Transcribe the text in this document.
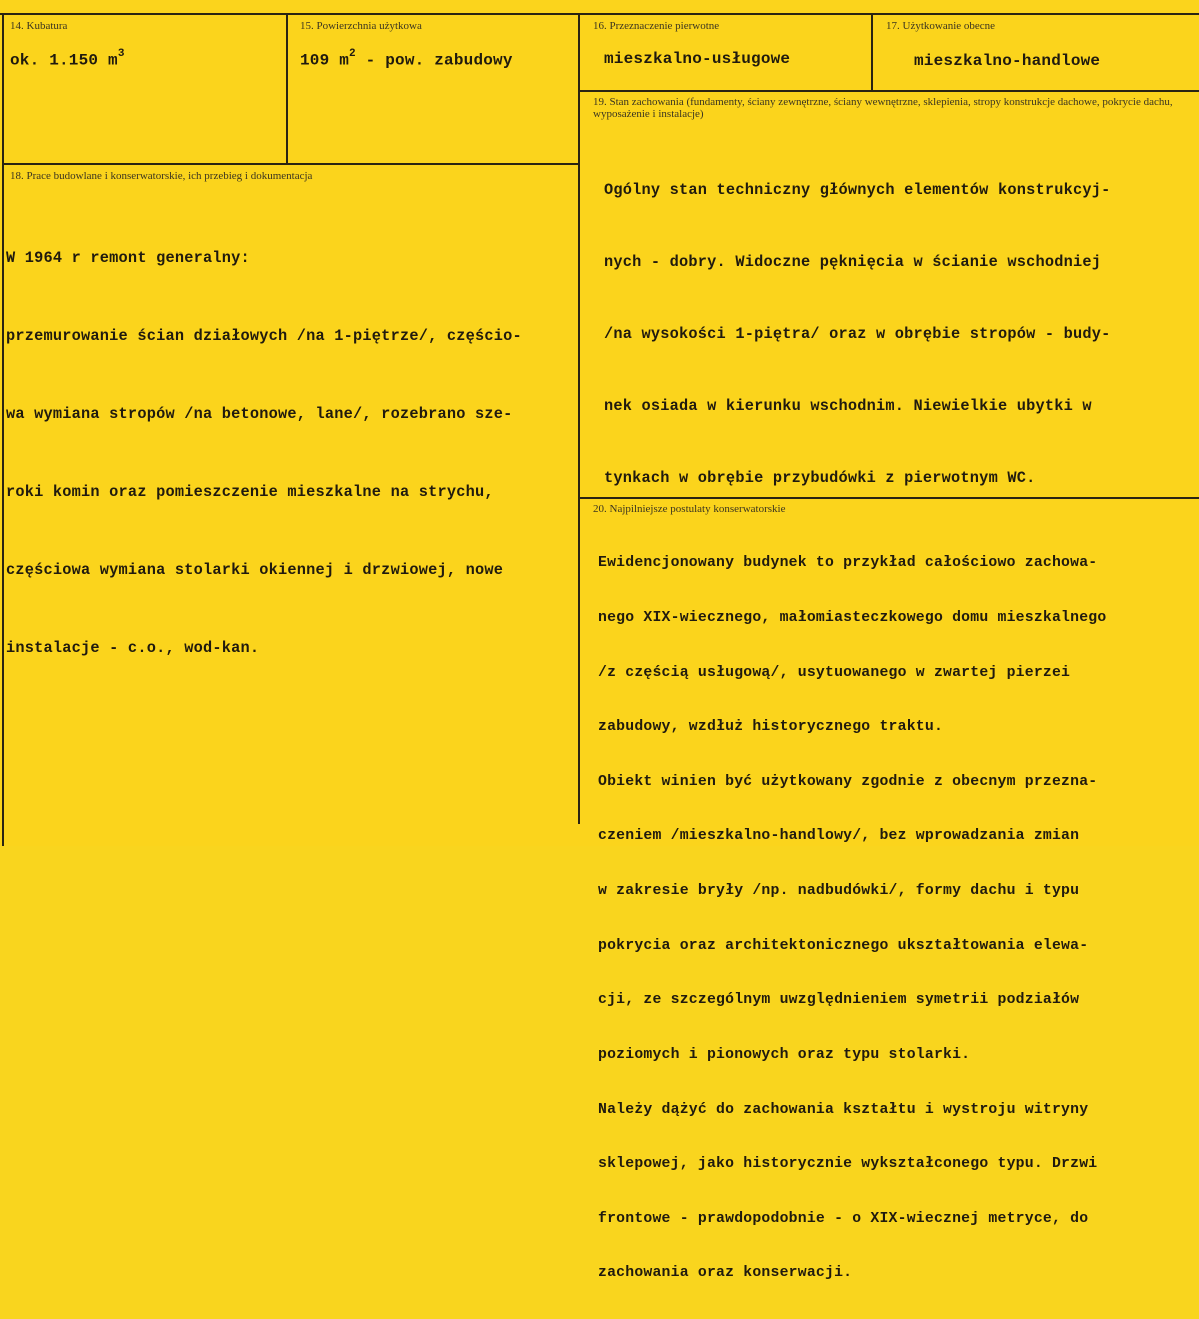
14. Kubatura
ok. 1.150 $m^3$
15. Powierzchnia użytkowa
109 $m^2$ - pow. zabudowy
16. Przeznaczenie pierwotne
mieszkalno-usługowe
17. Użytkowanie obecne
mieszkalno-handlowe
19. Stan zachowania (fundamenty, ściany zewnętrzne, ściany wewnętrzne, sklepienia, stropy konstrukcje dachowe, pokrycie dachu, wyposażenie i instalacje)

Ogólny stan techniczny głównych elementów konstrukcyj-

nych - dobry. Widoczne pęknięcia w ścianie wschodniej

/na wysokości 1-piętra/ oraz w obrębie stropów - budy-

nek osiada w kierunku wschodnim. Niewielkie ubytki w

tynkach w obrębie przybudówki z pierwotnym WC.

18. Prace budowlane i konserwatorskie, ich przebieg i dokumentacja

W 1964 r remont generalny:

przemurowanie ścian działowych /na 1-piętrze/, częścio-

wa wymiana stropów /na betonowe, lane/, rozebrano sze-

roki komin oraz pomieszczenie mieszkalne na strychu,

częściowa wymiana stolarki okiennej i drzwiowej, nowe

instalacje - c.o., wod-kan.

20. Najpilniejsze postulaty konserwatorskie

Ewidencjonowany budynek to przykład całościowo zachowa-

nego XIX-wiecznego, małomiasteczkowego domu mieszkalnego

/z częścią usługową/, usytuowanego w zwartej pierzei

zabudowy, wzdłuż historycznego traktu.

Obiekt winien być użytkowany zgodnie z obecnym przezna-

czeniem /mieszkalno-handlowy/, bez wprowadzania zmian

w zakresie bryły /np. nadbudówki/, formy dachu i typu

pokrycia oraz architektonicznego ukształtowania elewa-

cji, ze szczególnym uwzględnieniem symetrii podziałów

poziomych i pionowych oraz typu stolarki.

Należy dążyć do zachowania kształtu i wystroju witryny

sklepowej, jako historycznie wykształconego typu. Drzwi

frontowe - prawdopodobnie - o XIX-wiecznej metryce, do

zachowania oraz konserwacji.
